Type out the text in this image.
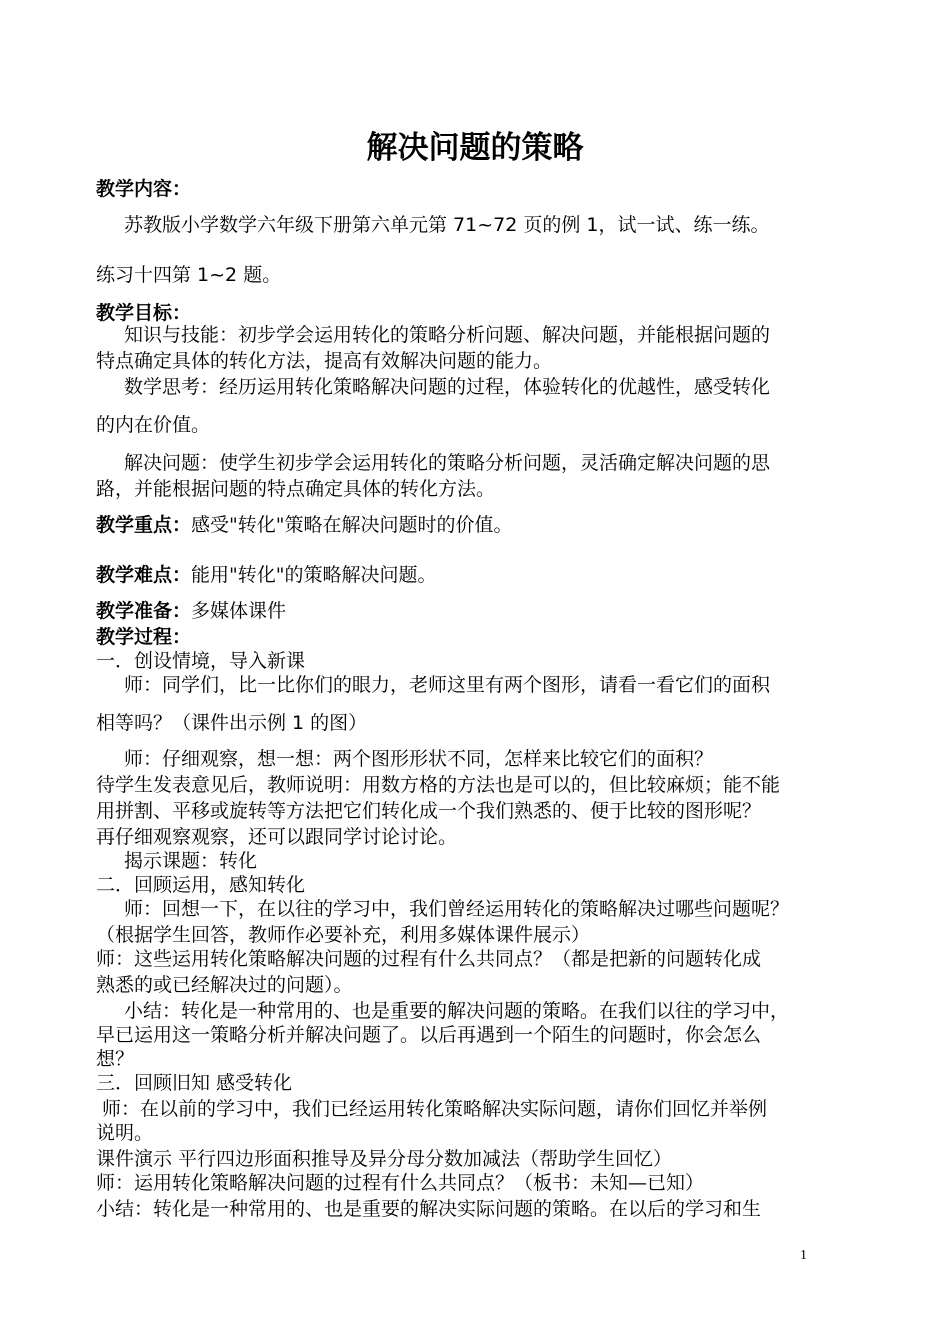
解决问题的策略
教学内容：
苏教版小学数学六年级下册第六单元第 71~72 页的例 1，试一试、练一练。
练习十四第 1~2 题。
教学目标：
知识与技能：初步学会运用转化的策略分析问题、解决问题，并能根据问题的
特点确定具体的转化方法，提高有效解决问题的能力。
数学思考：经历运用转化策略解决问题的过程，体验转化的优越性，感受转化
的内在价值。
解决问题：使学生初步学会运用转化的策略分析问题，灵活确定解决问题的思
路，并能根据问题的特点确定具体的转化方法。
教学重点：感受"转化"策略在解决问题时的价值。
教学难点：能用"转化"的策略解决问题。
教学准备：多媒体课件
教学过程：
一．创设情境，导入新课
师：同学们，比一比你们的眼力，老师这里有两个图形，请看一看它们的面积
相等吗？（课件出示例 1 的图）
师：仔细观察，想一想：两个图形形状不同，怎样来比较它们的面积？
待学生发表意见后，教师说明：用数方格的方法也是可以的，但比较麻烦；能不能
用拼割、平移或旋转等方法把它们转化成一个我们熟悉的、便于比较的图形呢？
再仔细观察观察，还可以跟同学讨论讨论。
揭示课题：转化
二．回顾运用，感知转化
师：回想一下，在以往的学习中，我们曾经运用转化的策略解决过哪些问题呢？
（根据学生回答，教师作必要补充，利用多媒体课件展示）
师：这些运用转化策略解决问题的过程有什么共同点？（都是把新的问题转化成
熟悉的或已经解决过的问题）。
小结：转化是一种常用的、也是重要的解决问题的策略。在我们以往的学习中，
早已运用这一策略分析并解决问题了。以后再遇到一个陌生的问题时，你会怎么
想？
三．回顾旧知 感受转化
师：在以前的学习中，我们已经运用转化策略解决实际问题，请你们回忆并举例
说明。
课件演示 平行四边形面积推导及异分母分数加减法（帮助学生回忆）
师：运用转化策略解决问题的过程有什么共同点？（板书：未知—已知）
小结：转化是一种常用的、也是重要的解决实际问题的策略。在以后的学习和生
1
